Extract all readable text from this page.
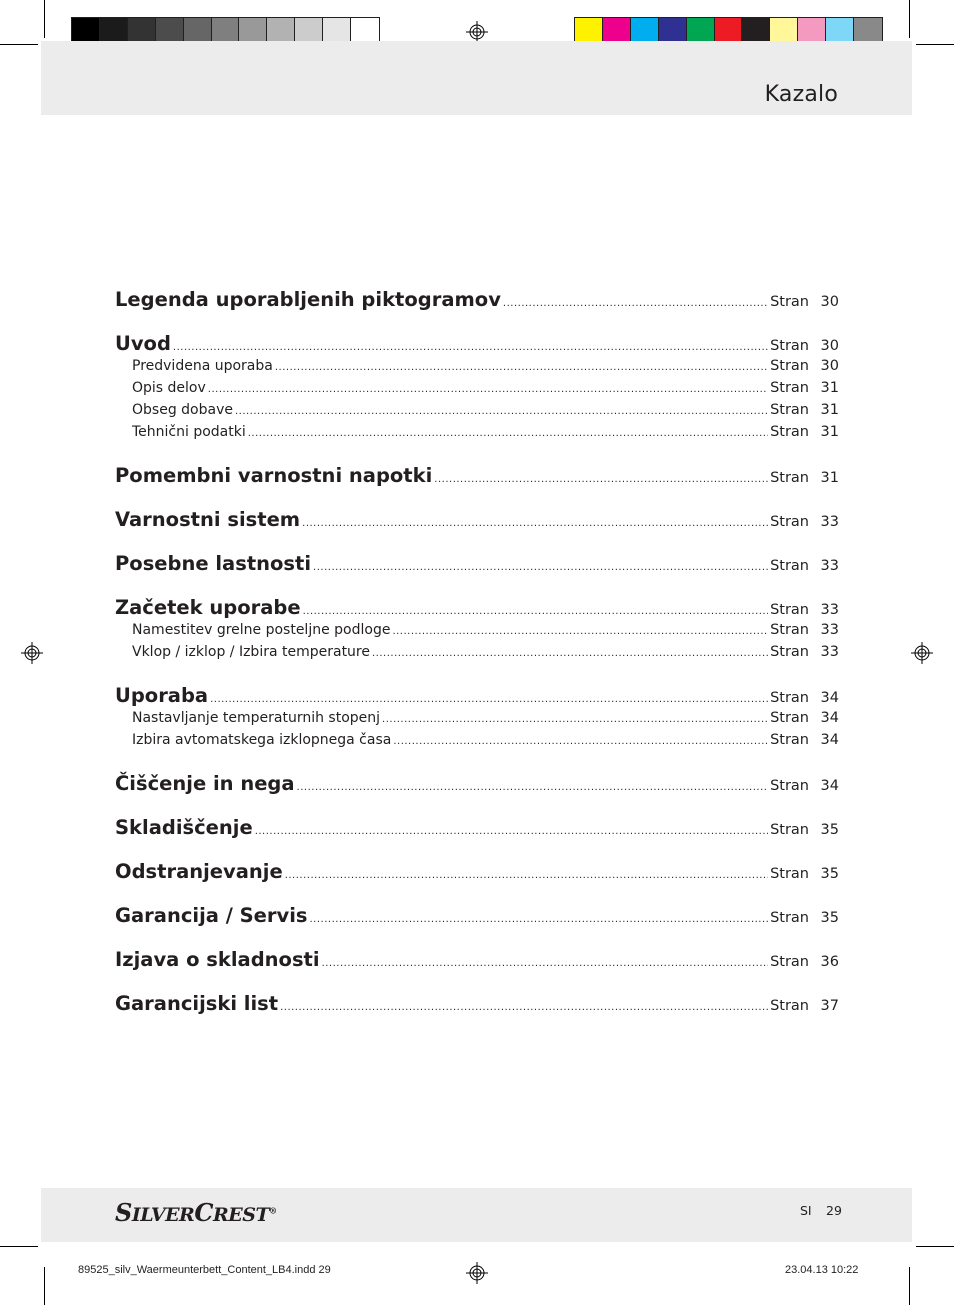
Kazalo
Legenda uporabljenih piktogramov .....	Stran 30
Uvod .....	Stran 30
Predvidena uporaba .....	Stran 30
Opis delov .....	Stran 31
Obseg dobave .....	Stran 31
Tehnični podatki .....	Stran 31
Pomembni varnostni napotki .....	Stran 31
Varnostni sistem .....	Stran 33
Posebne lastnosti .....	Stran 33
Začetek uporabe .....	Stran 33
Namestitev grelne posteljne podloge .....	Stran 33
Vklop / izklop / Izbira temperature .....	Stran 33
Uporaba .....	Stran 34
Nastavljanje temperaturnih stopenj .....	Stran 34
Izbira avtomatskega izklopnega časa .....	Stran 34
Čiščenje in nega .....	Stran 34
Skladiščenje .....	Stran 35
Odstranjevanje .....	Stran 35
Garancija / Servis .....	Stran 35
Izjava o skladnosti .....	Stran 36
Garancijski list .....	Stran 37
SILVERCREST®	SI 29
89525_silv_Waermeunterbett_Content_LB4.indd 29	23.04.13 10:22
